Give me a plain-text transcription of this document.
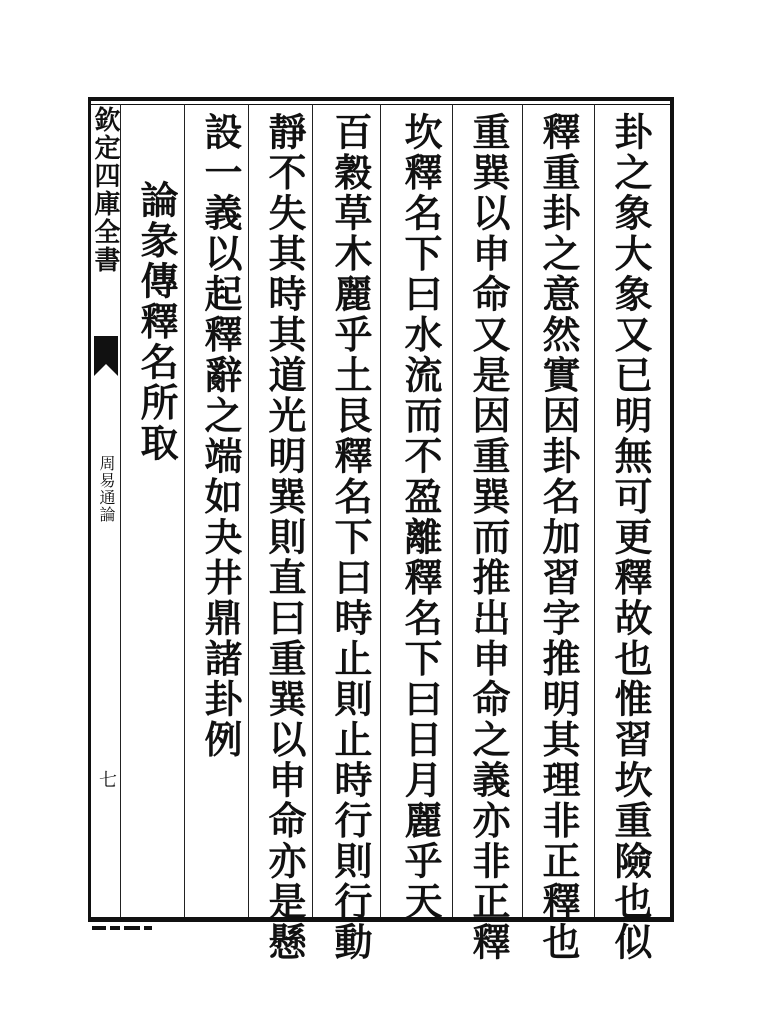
欽定四庫全書
周易通論
七	卦之象大象又已明無可更釋故也惟習坎重險也似
釋重卦之意然實因卦名加習字推明其理非正釋也
重巽以申命又是因重巽而推出申命之義亦非正釋
坎釋名下曰水流而不盈離釋名下曰日月麗乎天
百穀草木麗乎土艮釋名下曰時止則止時行則行動
靜不失其時其道光明巽則直曰重巽以申命亦是懸
設一義以起釋辭之端如夬井鼎諸卦例
論彖傳釋名所取
